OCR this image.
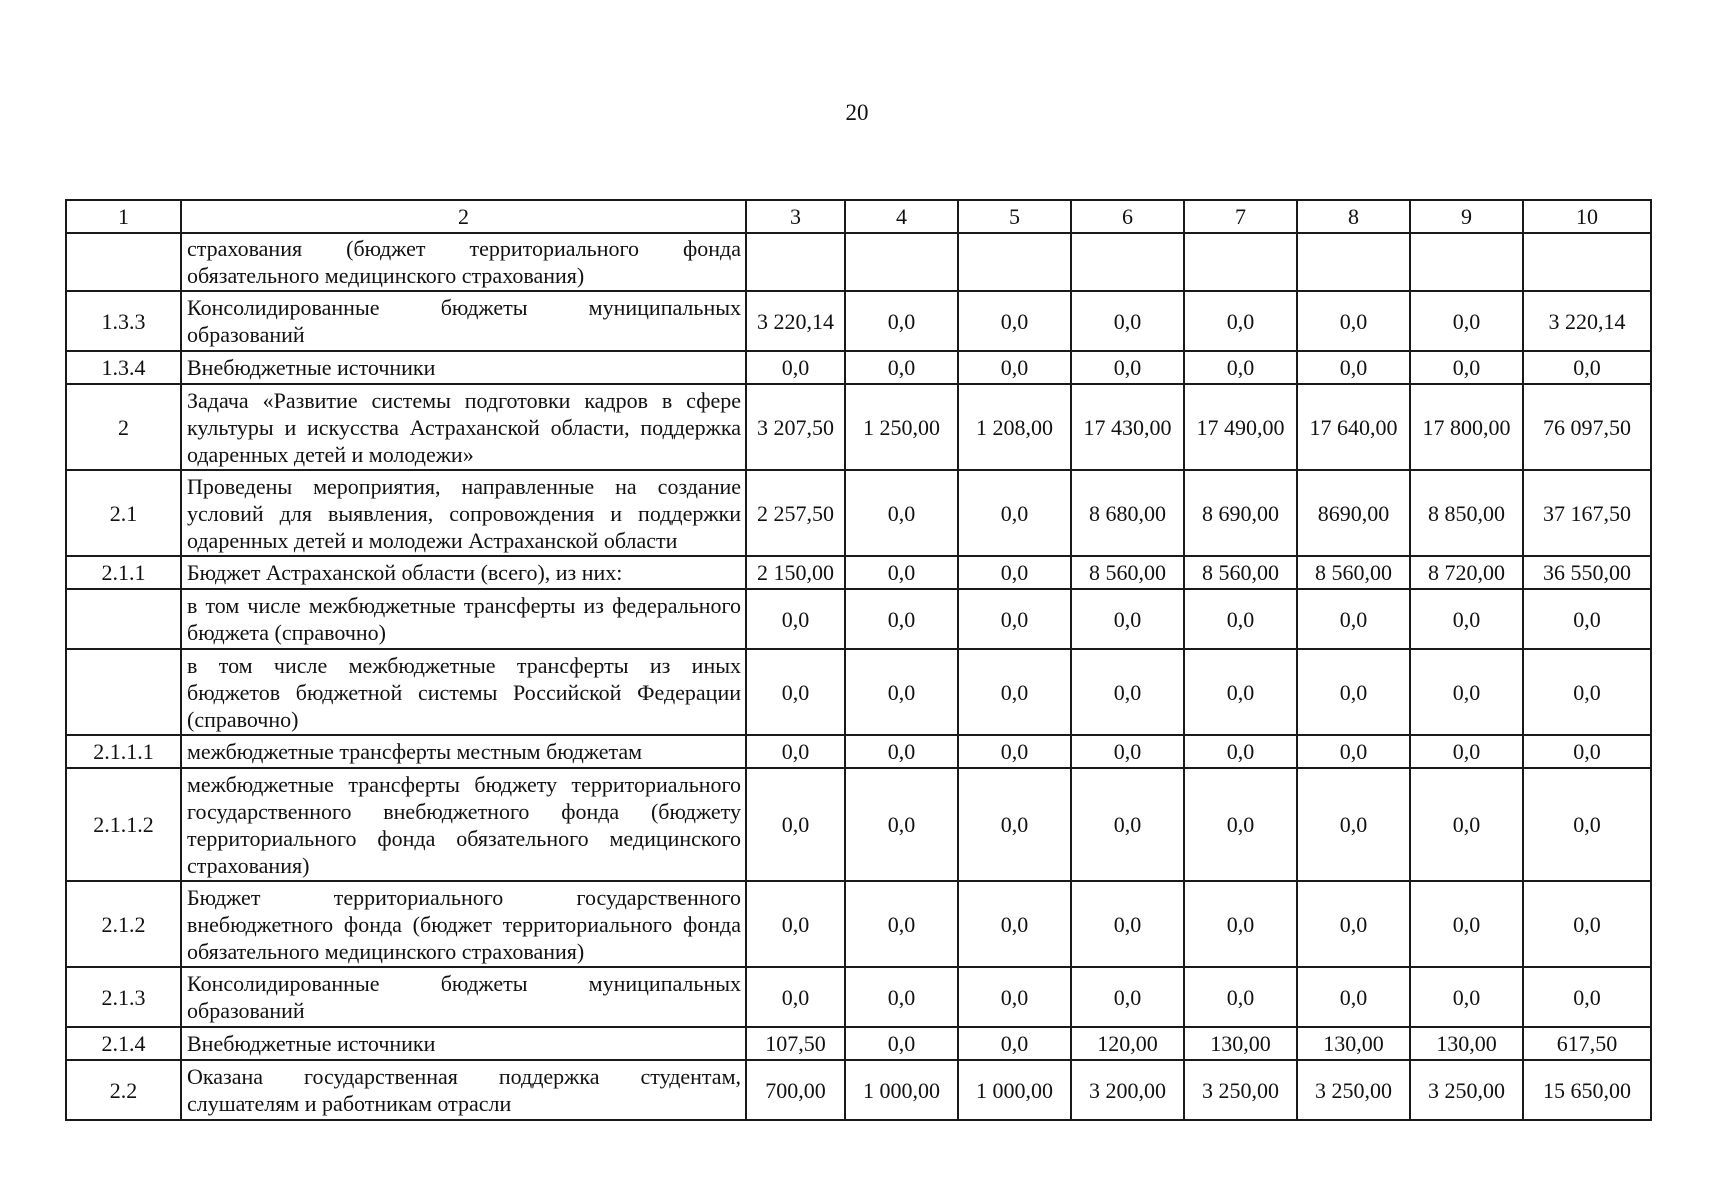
20
1	2	3	4	5	6	7	8	9	10
	страхования (бюджет территориального фонда обязательного медицинского страхования)								
1.3.3	Консолидированные бюджеты муниципальных образований	3 220,14	0,0	0,0	0,0	0,0	0,0	0,0	3 220,14
1.3.4	Внебюджетные источники	0,0	0,0	0,0	0,0	0,0	0,0	0,0	0,0
2	Задача «Развитие системы подготовки кадров в сфере культуры и искусства Астраханской области, поддержка одаренных детей и молодежи»	3 207,50	1 250,00	1 208,00	17 430,00	17 490,00	17 640,00	17 800,00	76 097,50
2.1	Проведены мероприятия, направленные на создание условий для выявления, сопровождения и поддержки одаренных детей и молодежи Астраханской области	2 257,50	0,0	0,0	8 680,00	8 690,00	8690,00	8 850,00	37 167,50
2.1.1	Бюджет Астраханской области (всего), из них:	2 150,00	0,0	0,0	8 560,00	8 560,00	8 560,00	8 720,00	36 550,00
	в том числе межбюджетные трансферты из федерального бюджета (справочно)	0,0	0,0	0,0	0,0	0,0	0,0	0,0	0,0
	в том числе межбюджетные трансферты из иных бюджетов бюджетной системы Российской Федерации (справочно)	0,0	0,0	0,0	0,0	0,0	0,0	0,0	0,0
2.1.1.1	межбюджетные трансферты местным бюджетам	0,0	0,0	0,0	0,0	0,0	0,0	0,0	0,0
2.1.1.2	межбюджетные трансферты бюджету территориального государственного внебюджетного фонда (бюджету территориального фонда обязательного медицинского страхования)	0,0	0,0	0,0	0,0	0,0	0,0	0,0	0,0
2.1.2	Бюджет территориального государственного внебюджетного фонда (бюджет территориального фонда обязательного медицинского страхования)	0,0	0,0	0,0	0,0	0,0	0,0	0,0	0,0
2.1.3	Консолидированные бюджеты муниципальных образований	0,0	0,0	0,0	0,0	0,0	0,0	0,0	0,0
2.1.4	Внебюджетные источники	107,50	0,0	0,0	120,00	130,00	130,00	130,00	617,50
2.2	Оказана государственная поддержка студентам, слушателям и работникам отрасли	700,00	1 000,00	1 000,00	3 200,00	3 250,00	3 250,00	3 250,00	15 650,00
